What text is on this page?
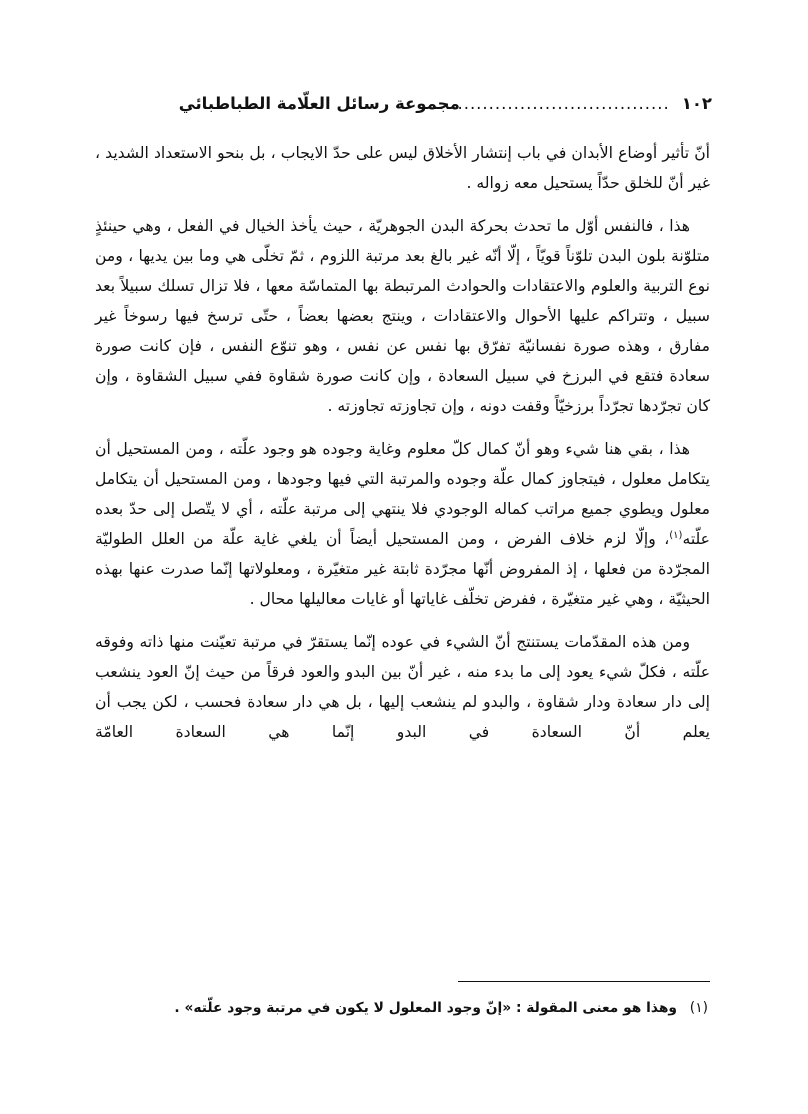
١٠٢
......................................
مجموعة رسائل العلّامة الطباطبائي

أنّ تأثير أوضاع الأبدان في باب إنتشار الأخلاق ليس على حدّ الايجاب ، بل بنحو الاستعداد الشديد ، غير أنّ للخلق حدّاً يستحيل معه زواله .

هذا ، فالنفس أوّل ما تحدث بحركة البدن الجوهريّة ، حيث يأخذ الخيال في الفعل ، وهي حينئذٍ متلوّنة بلون البدن تلوّناً قويّاً ، إلّا أنّه غير بالغ بعد مرتبة اللزوم ، ثمّ تخلّى هي وما بين يديها ، ومن نوع التربية والعلوم والاعتقادات والحوادث المرتبطة بها المتماسّة معها ، فلا تزال تسلك سبيلاً بعد سبيل ، وتتراكم عليها الأحوال والاعتقادات ، وينتج بعضها بعضاً ، حتّى ترسخ فيها رسوخاً غير مفارق ، وهذه صورة نفسانيّة تفرّق بها نفس عن نفس ، وهو تنوّع النفس ، فإن كانت صورة سعادة فتقع في البرزخ في سبيل السعادة ، وإن كانت صورة شقاوة ففي سبيل الشقاوة ، وإن كان تجرّدها تجرّداً برزخيّاً وقفت دونه ، وإن تجاوزته تجاوزته .

هذا ، بقي هنا شيء وهو أنّ كمال كلّ معلوم وغاية وجوده هو وجود علّته ، ومن المستحيل أن يتكامل معلول ، فيتجاوز كمال علّة وجوده والمرتبة التي فيها وجودها ، ومن المستحيل أن يتكامل معلول ويطوي جميع مراتب كماله الوجودي فلا ينتهي إلى مرتبة علّته ، أي لا يتّصل إلى حدّ بعده علّته$^{(١)}$، وإلّا لزم خلاف الفرض ، ومن المستحيل أيضاً أن يلغي غاية علّة من العلل الطوليّة المجرّدة من فعلها ، إذ المفروض أنّها مجرّدة ثابتة غير متغيّرة ، ومعلولاتها إنّما صدرت عنها بهذه الحيثيّة ، وهي غير متغيّرة ، ففرض تخلّف غاياتها أو غايات معاليلها محال .

ومن هذه المقدّمات يستنتج أنّ الشيء في عوده إنّما يستقرّ في مرتبة تعيّنت منها ذاته وفوقه علّته ، فكلّ شيء يعود إلى ما بدء منه ، غير أنّ بين البدو والعود فرقاً من حيث إنّ العود ينشعب إلى دار سعادة ودار شقاوة ، والبدو لم ينشعب إليها ، بل هي دار سعادة فحسب ، لكن يجب أن يعلم أنّ السعادة في البدو إنّما هي السعادة العامّة

(١) وهذا هو معنى المقولة : «إنّ وجود المعلول لا يكون في مرتبة وجود علّته» .
